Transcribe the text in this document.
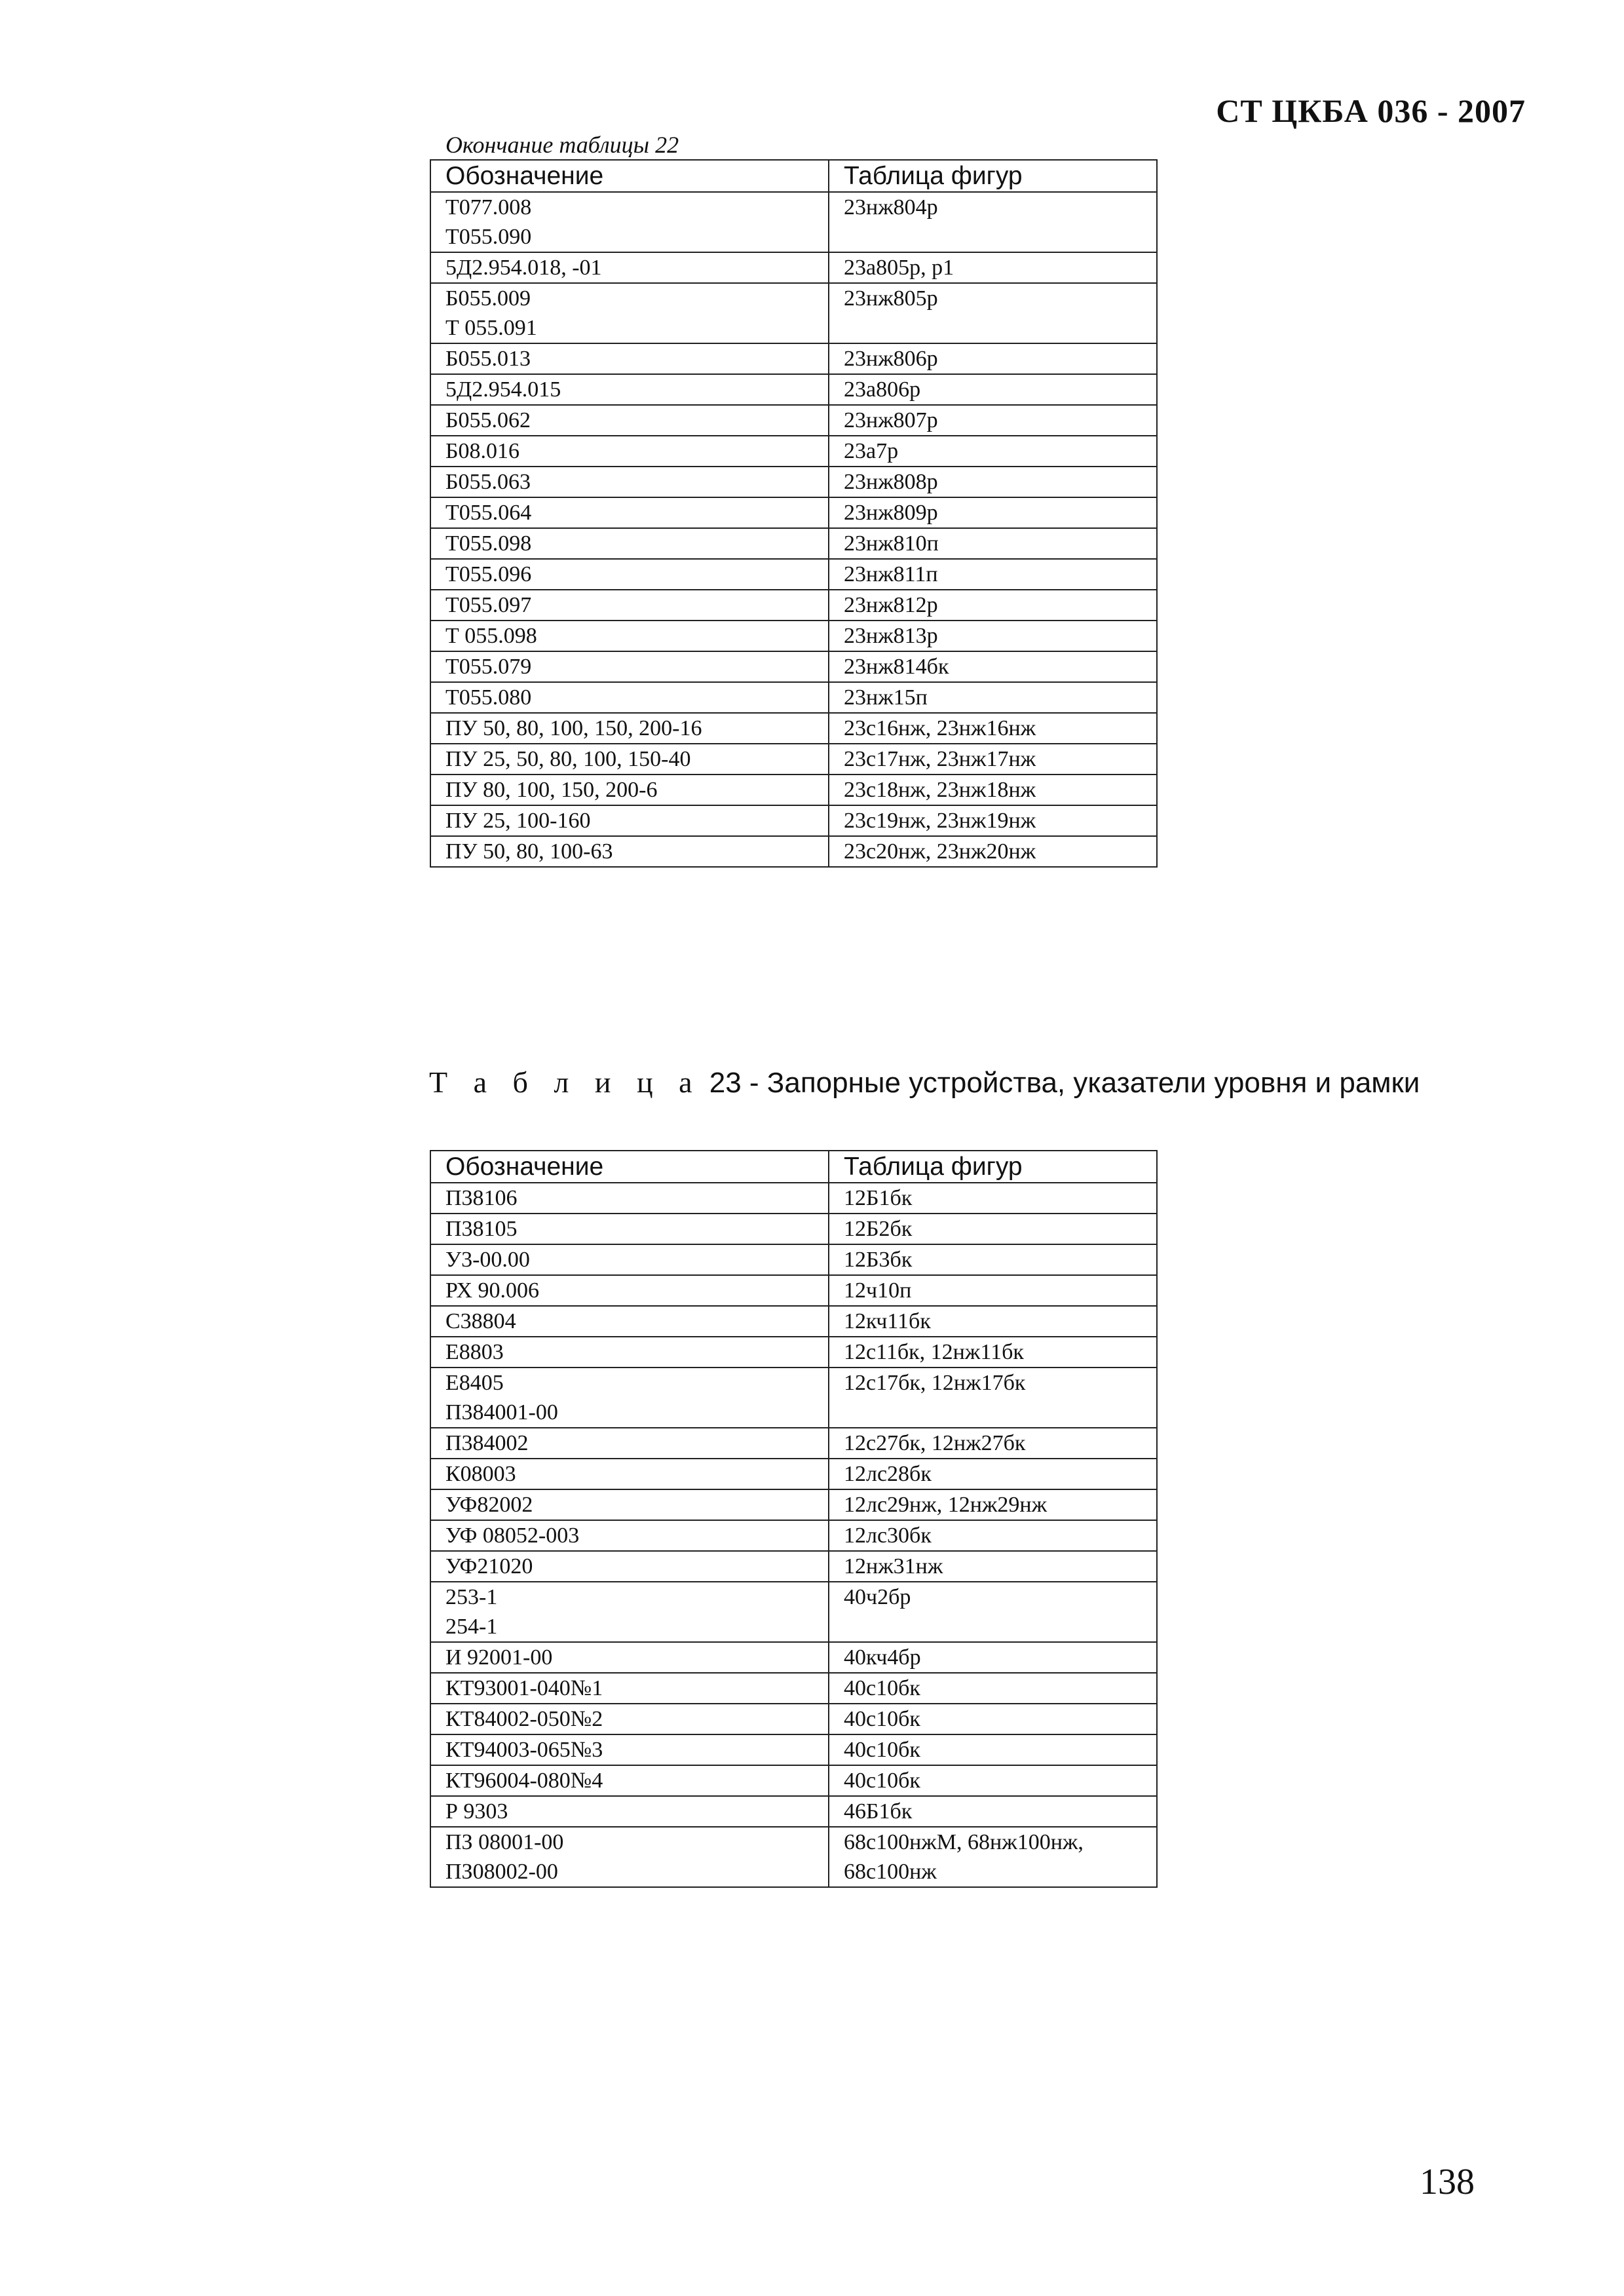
СТ ЦКБА 036 - 2007
Окончание таблицы 22
Обозначение	Таблица фигур

Т077.008
Т055.090	23нж804р

5Д2.954.018, -01	23а805р, р1

Б055.009
Т 055.091	23нж805р

Б055.013	23нж806р

5Д2.954.015	23а806р

Б055.062	23нж807р

Б08.016	23а7р

Б055.063	23нж808р

Т055.064	23нж809р

Т055.098	23нж810п

Т055.096	23нж811п

Т055.097	23нж812р

Т 055.098	23нж813р

Т055.079	23нж814бк

Т055.080	23нж15п

ПУ 50, 80, 100, 150, 200-16	23с16нж, 23нж16нж

ПУ 25, 50, 80, 100, 150-40	23с17нж, 23нж17нж

ПУ 80, 100, 150, 200-6	23с18нж, 23нж18нж

ПУ 25, 100-160	23с19нж, 23нж19нж

ПУ 50, 80, 100-63	23с20нж, 23нж20нж
Т а б л и ц а 23 - Запорные устройства, указатели уровня и рамки
Обозначение	Таблица фигур

П38106	12Б1бк

П38105	12Б2бк

У3-00.00	12Б3бк

РХ 90.006	12ч10п

С38804	12кч11бк

Е8803	12с11бк, 12нж11бк

Е8405
П384001-00	12с17бк, 12нж17бк

П384002	12с27бк, 12нж27бк

К08003	12лс28бк

УФ82002	12лс29нж, 12нж29нж

УФ 08052-003	12лс30бк

УФ21020	12нж31нж

253-1
254-1	40ч2бр

И 92001-00	40кч4бр

КТ93001-040№1	40с10бк

КТ84002-050№2	40с10бк

КТ94003-065№3	40с10бк

КТ96004-080№4	40с10бк

Р 9303	46Б1бк

ПЗ 08001-00
ПЗ08002-00	68с100нжМ, 68нж100нж,
68с100нж
138
